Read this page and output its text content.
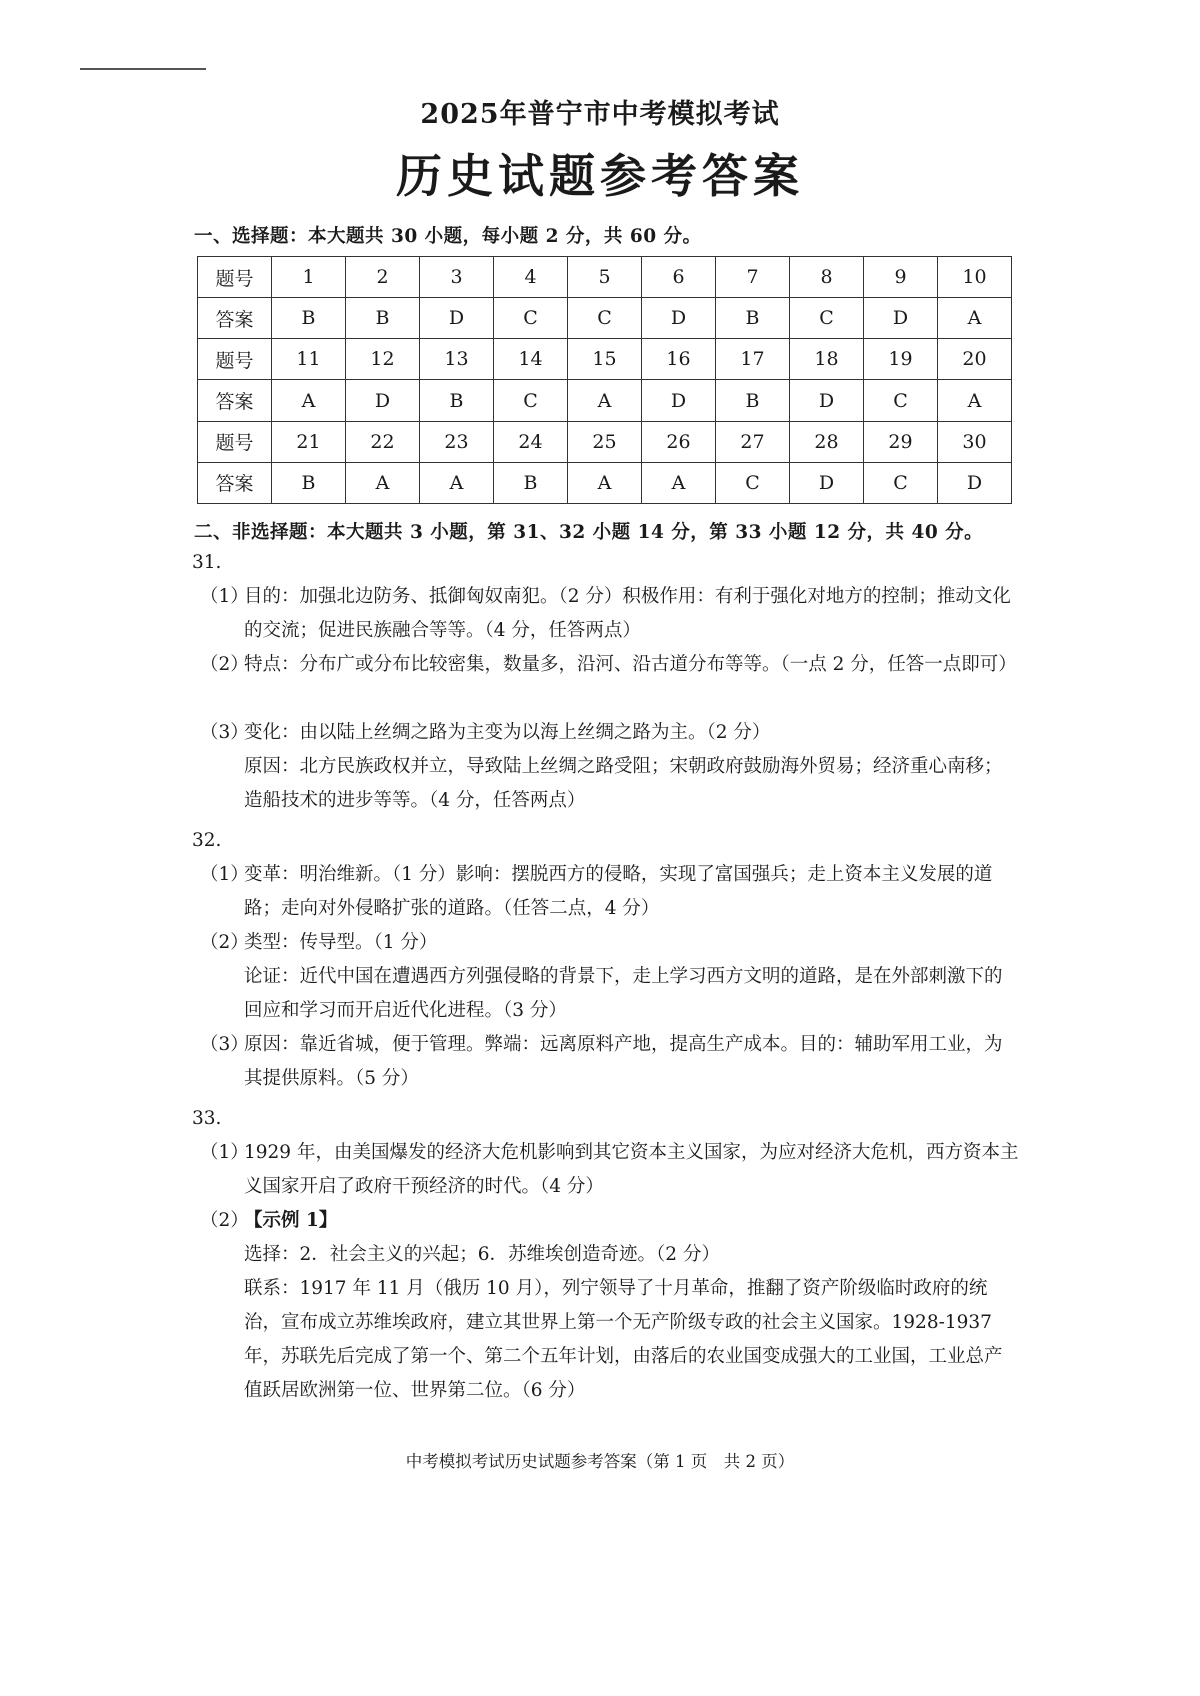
2025年普宁市中考模拟考试
历史试题参考答案
一、选择题：本大题共 30 小题，每小题 2 分，共 60 分。
题号	1	2	3	4	5	6	7	8	9	10
答案	B	B	D	C	C	D	B	C	D	A
题号	11	12	13	14	15	16	17	18	19	20
答案	A	D	B	C	A	D	B	D	C	A
题号	21	22	23	24	25	26	27	28	29	30
答案	B	A	A	B	A	A	C	D	C	D
二、非选择题：本大题共 3 小题，第 31、32 小题 14 分，第 33 小题 12 分，共 40 分。
31.
（1）
目的：加强北边防务、抵御匈奴南犯。（2 分）积极作用：有利于强化对地方的控制；推动文化的交流；促进民族融合等等。（4 分，任答两点）
（2）
特点：分布广或分布比较密集，数量多，沿河、沿古道分布等等。（一点 2 分，任答一点即可）
（3）
变化：由以陆上丝绸之路为主变为以海上丝绸之路为主。（2 分）
原因：北方民族政权并立，导致陆上丝绸之路受阻；宋朝政府鼓励海外贸易；经济重心南移；造船技术的进步等等。（4 分，任答两点）
32.
（1）
变革：明治维新。（1 分）影响：摆脱西方的侵略，实现了富国强兵；走上资本主义发展的道路；走向对外侵略扩张的道路。（任答二点，4 分）
（2）
类型：传导型。（1 分）
论证：近代中国在遭遇西方列强侵略的背景下，走上学习西方文明的道路，是在外部刺激下的回应和学习而开启近代化进程。（3 分）
（3）
原因：靠近省城，便于管理。弊端：远离原料产地，提高生产成本。目的：辅助军用工业，为其提供原料。（5 分）
33.
（1）
1929 年，由美国爆发的经济大危机影响到其它资本主义国家，为应对经济大危机，西方资本主义国家开启了政府干预经济的时代。（4 分）
（2）
【示例 1】
选择：2．社会主义的兴起；6．苏维埃创造奇迹。（2 分）
联系：1917 年 11 月（俄历 10 月），列宁领导了十月革命，推翻了资产阶级临时政府的统治，宣布成立苏维埃政府，建立其世界上第一个无产阶级专政的社会主义国家。1928-1937 年，苏联先后完成了第一个、第二个五年计划，由落后的农业国变成强大的工业国，工业总产值跃居欧洲第一位、世界第二位。（6 分）
中考模拟考试历史试题参考答案（第 1 页　共 2 页）
